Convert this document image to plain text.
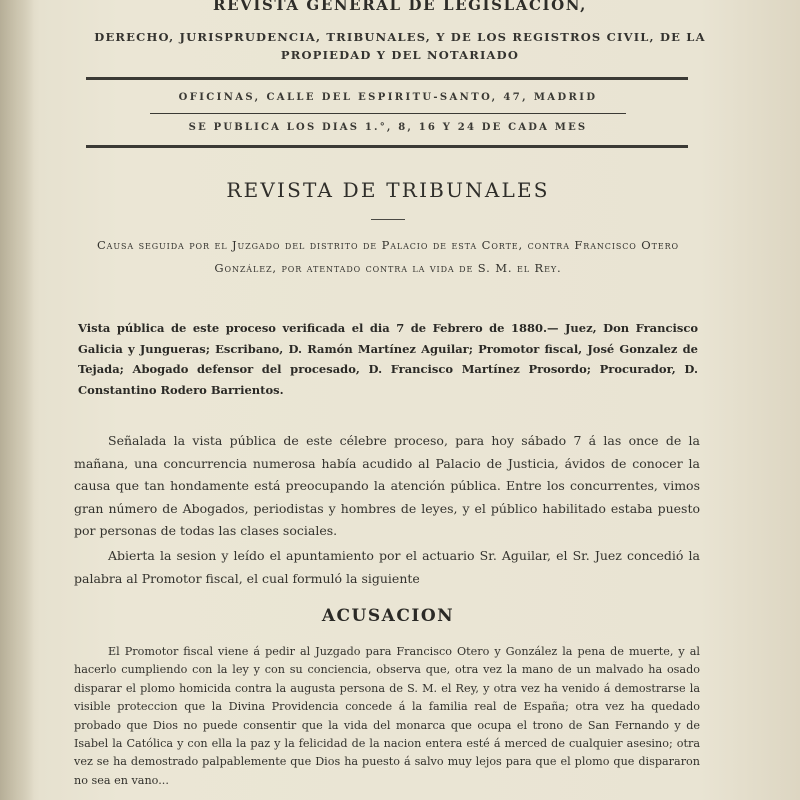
REVISTA GENERAL DE LEGISLACION,
DERECHO, JURISPRUDENCIA, TRIBUNALES, Y DE LOS REGISTROS CIVIL, DE LA PROPIEDAD Y DEL NOTARIADO
OFICINAS, CALLE DEL ESPIRITU-SANTO, 47, MADRID
SE PUBLICA LOS DIAS 1.°, 8, 16 Y 24 DE CADA MES
REVISTA DE TRIBUNALES
Causa seguida por el Juzgado del distrito de Palacio de esta Corte, contra Francisco Otero González, por atentado contra la vida de S. M. el Rey.
Vista pública de este proceso verificada el dia 7 de Febrero de 1880.— Juez, Don Francisco Galicia y Jungueras; Escribano, D. Ramón Martínez Aguilar; Promotor fiscal, José Gonzalez de Tejada; Abogado defensor del procesado, D. Francisco Martínez Prosordo; Procurador, D. Constantino Rodero Barrientos.
Señalada la vista pública de este célebre proceso, para hoy sábado 7 á las once de la mañana, una concurrencia numerosa había acudido al Palacio de Justicia, ávidos de conocer la causa que tan hondamente está preocupando la atención pública. Entre los concurrentes, vimos gran número de Abogados, periodistas y hombres de leyes, y el público habilitado estaba puesto por personas de todas las clases sociales.
Abierta la sesion y leído el apuntamiento por el actuario Sr. Aguilar, el Sr. Juez concedió la palabra al Promotor fiscal, el cual formuló la siguiente
ACUSACION
El Promotor fiscal viene á pedir al Juzgado para Francisco Otero y González la pena de muerte, y al hacerlo cumpliendo con la ley y con su conciencia, observa que, otra vez la mano de un malvado ha osado disparar el plomo homicida contra la augusta persona de S. M. el Rey, y otra vez ha venido á demostrarse la visible proteccion que la Divina Providencia concede á la familia real de España; otra vez ha quedado probado que Dios no puede consentir que la vida del monarca que ocupa el trono de San Fernando y de Isabel la Católica y con ella la paz y la felicidad de la nacion entera esté á merced de cualquier asesino; otra vez se ha demostrado palpablemente que Dios ha puesto á salvo muy lejos para que el plomo que dispararon no sea en vano...
